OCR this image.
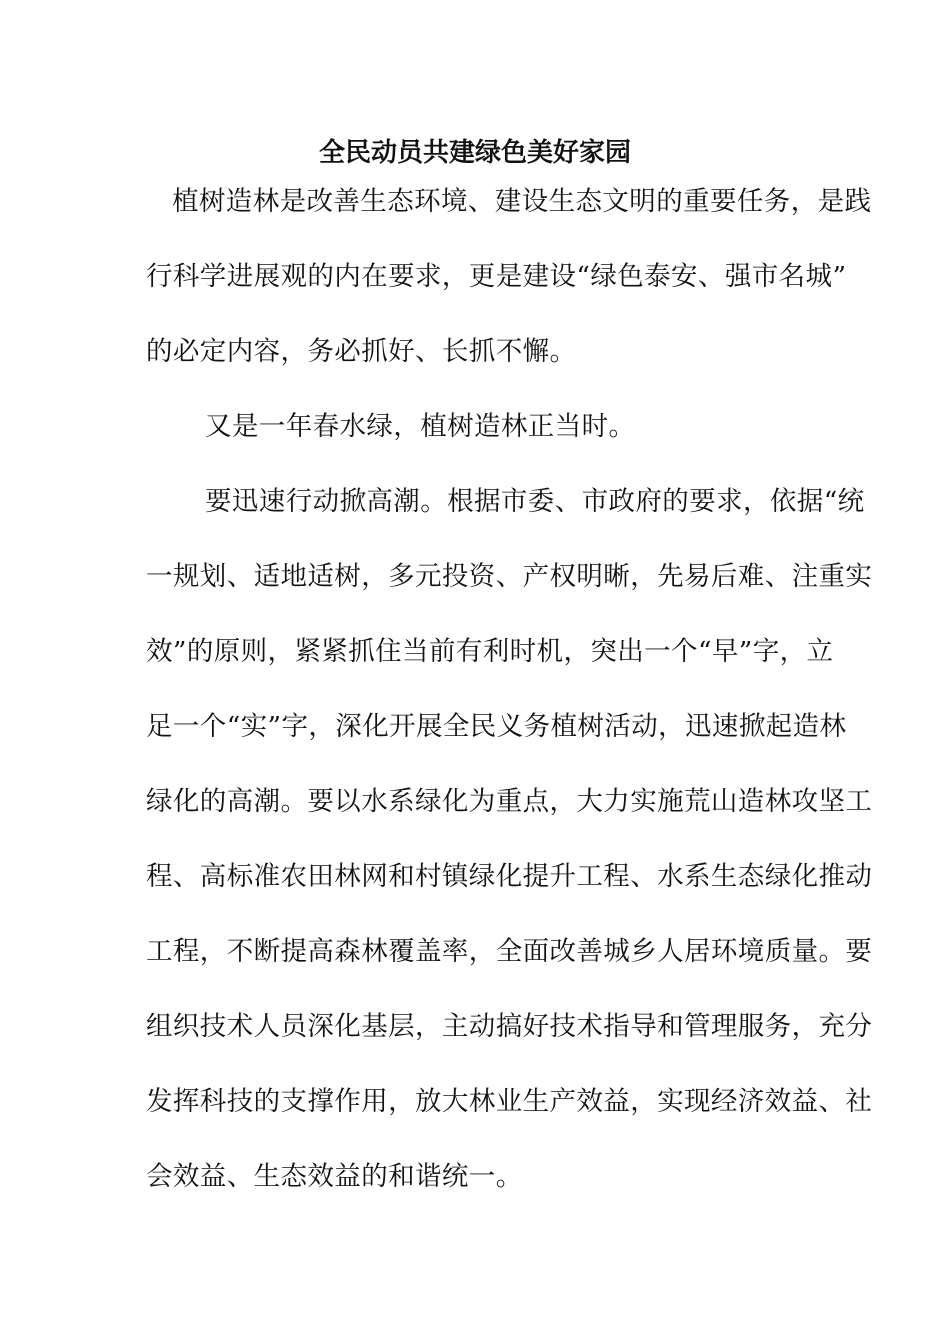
全民动员共建绿色美好家园
植树造林是改善生态环境、建设生态文明的重要任务，是践
行科学进展观的内在要求，更是建设“绿色泰安、强市名城”
的必定内容，务必抓好、长抓不懈。
又是一年春水绿，植树造林正当时。
要迅速行动掀高潮。根据市委、市政府的要求，依据“统
一规划、适地适树，多元投资、产权明晰，先易后难、注重实
效”的原则，紧紧抓住当前有利时机，突出一个“早”字，立
足一个“实”字，深化开展全民义务植树活动，迅速掀起造林
绿化的高潮。要以水系绿化为重点，大力实施荒山造林攻坚工
程、高标准农田林网和村镇绿化提升工程、水系生态绿化推动
工程，不断提高森林覆盖率，全面改善城乡人居环境质量。要
组织技术人员深化基层，主动搞好技术指导和管理服务，充分
发挥科技的支撑作用，放大林业生产效益，实现经济效益、社
会效益、生态效益的和谐统一。
